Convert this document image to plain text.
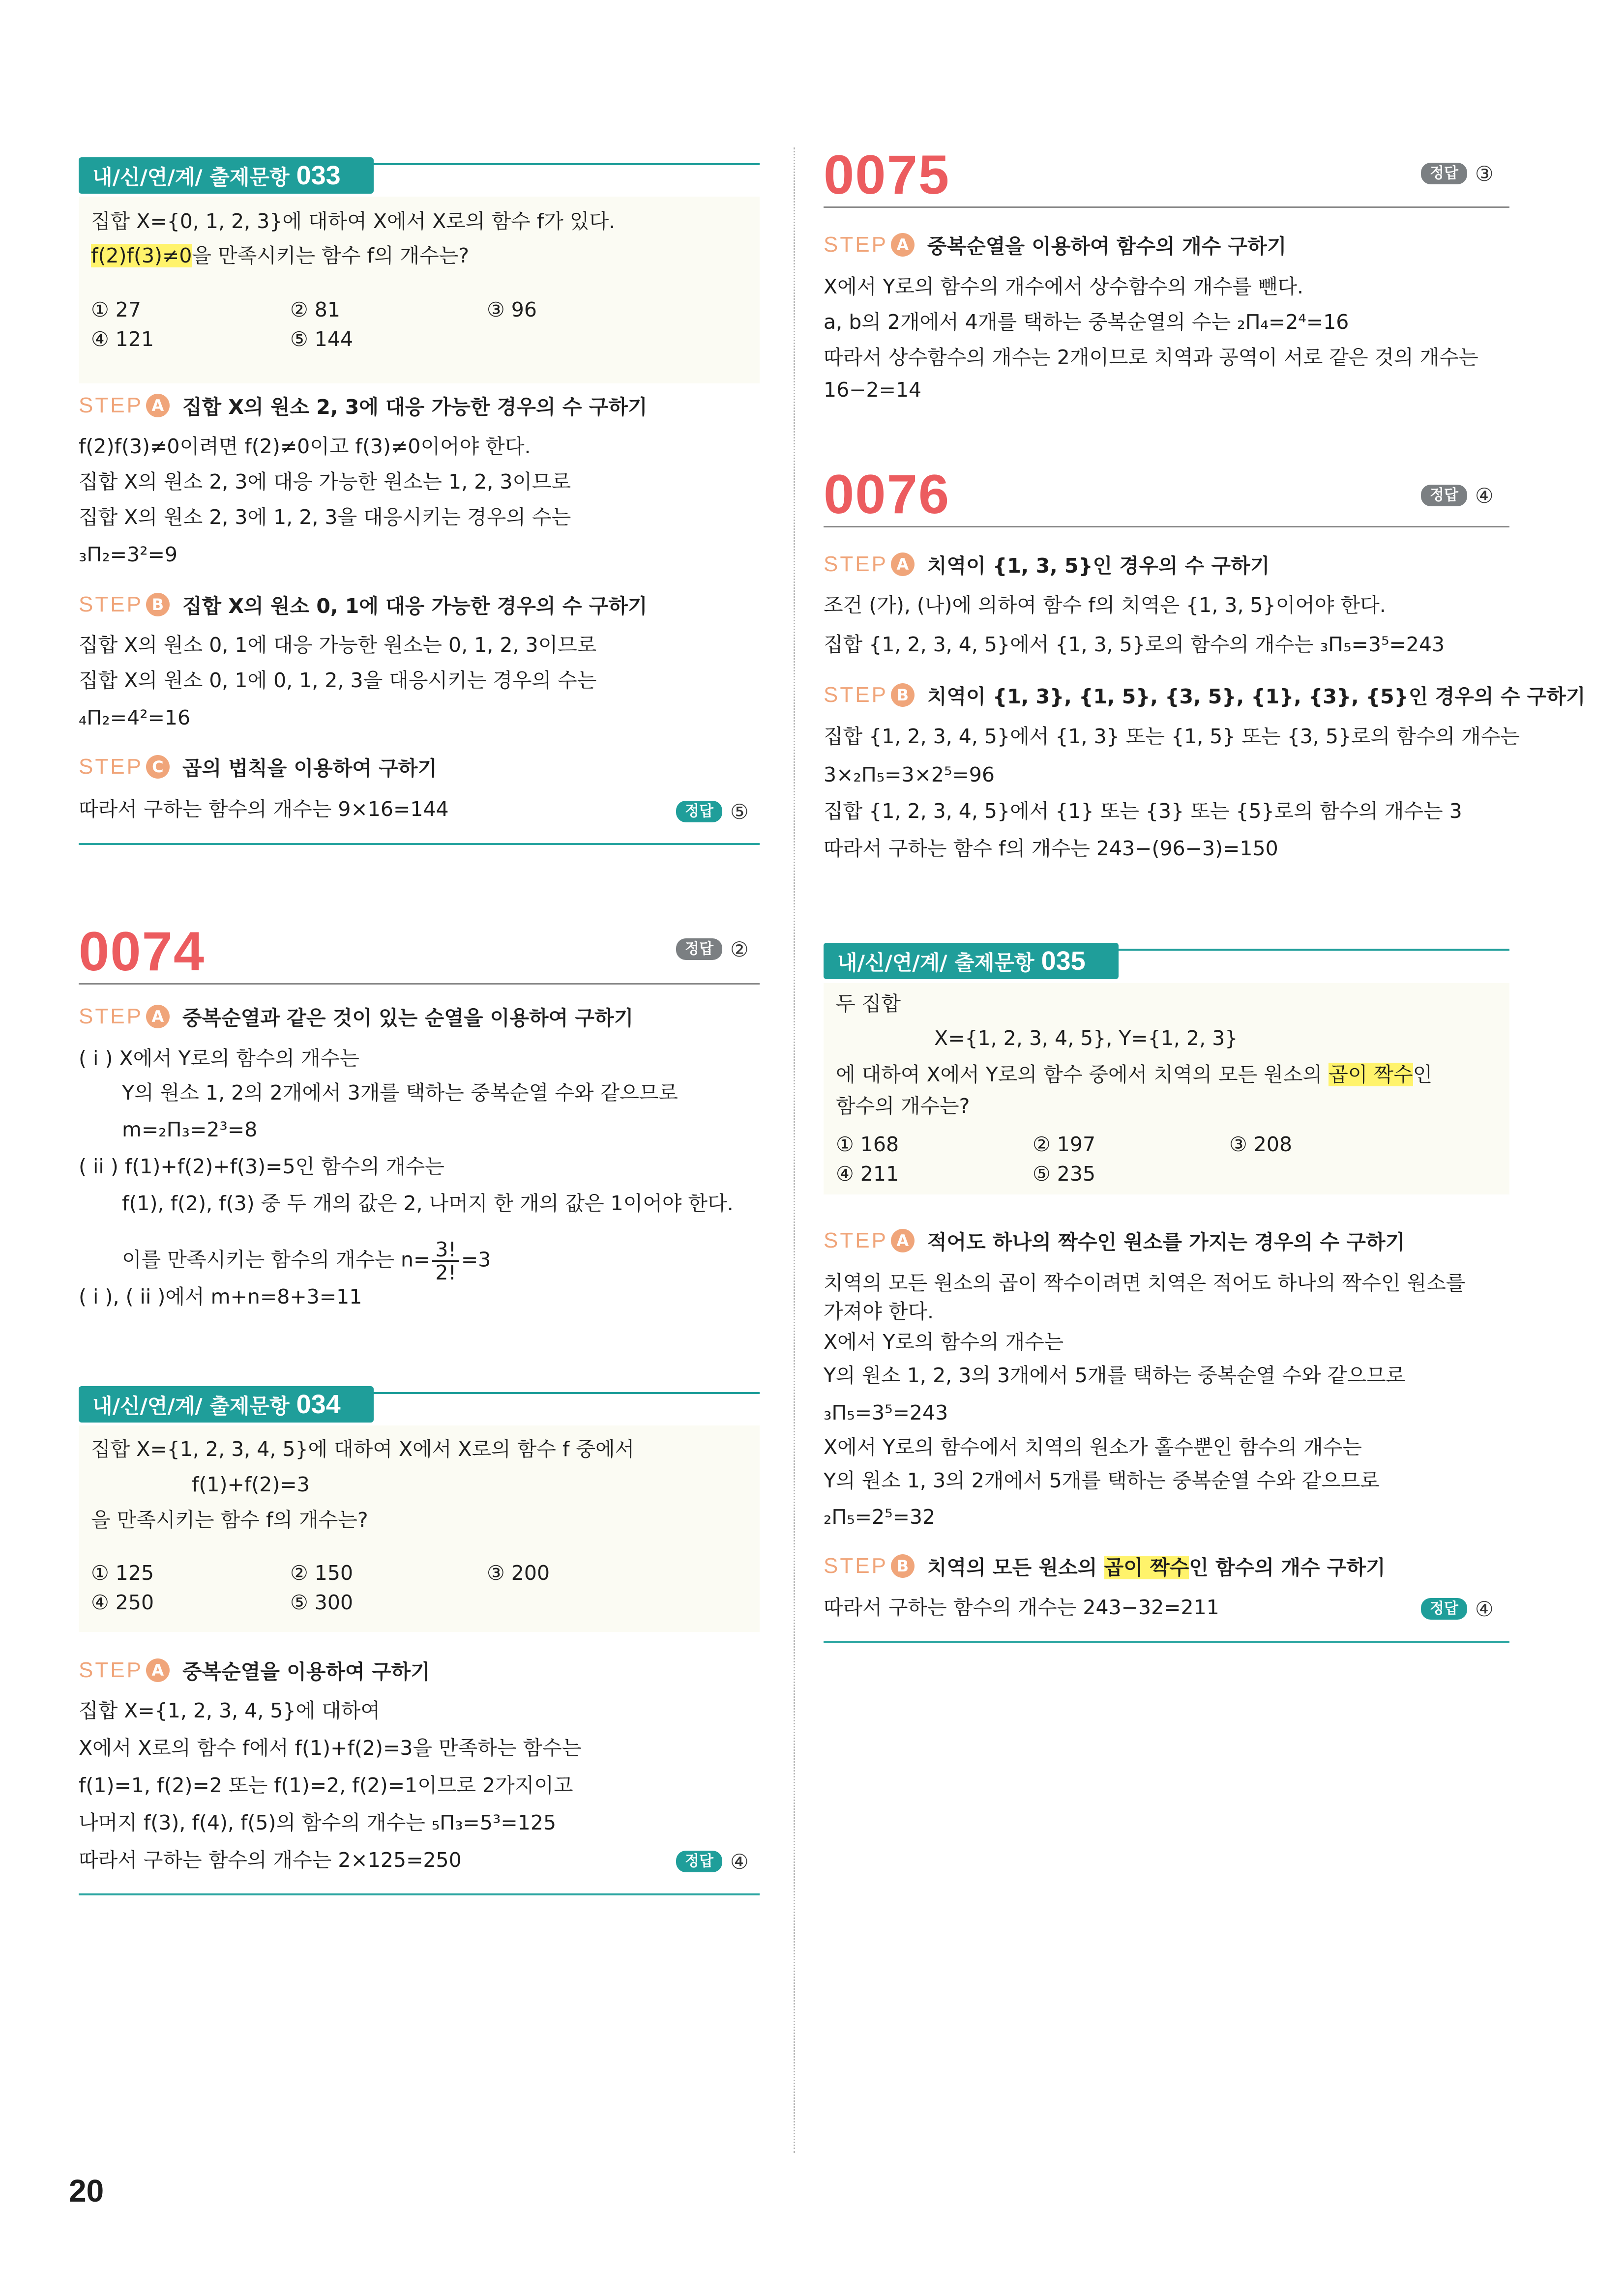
내/신/연/계/ 출제문항 033
집합 X={0, 1, 2, 3}에 대하여 X에서 X로의 함수 f가 있다.
f(2)f(3)≠0을 만족시키는 함수 f의 개수는?
① 27	② 81	③ 96
④ 121	⑤ 144
STEP A 집합 X의 원소 2, 3에 대응 가능한 경우의 수 구하기
f(2)f(3)≠0이려면 f(2)≠0이고 f(3)≠0이어야 한다.
집합 X의 원소 2, 3에 대응 가능한 원소는 1, 2, 3이므로
집합 X의 원소 2, 3에 1, 2, 3을 대응시키는 경우의 수는
₃Π₂=3²=9
STEP B 집합 X의 원소 0, 1에 대응 가능한 경우의 수 구하기
집합 X의 원소 0, 1에 대응 가능한 원소는 0, 1, 2, 3이므로
집합 X의 원소 0, 1에 0, 1, 2, 3을 대응시키는 경우의 수는
₄Π₂=4²=16
STEP C 곱의 법칙을 이용하여 구하기
따라서 구하는 함수의 개수는 9×16=144	정답 ⑤
0074	정답 ②
STEP A 중복순열과 같은 것이 있는 순열을 이용하여 구하기
( i ) X에서 Y로의 함수의 개수는
Y의 원소 1, 2의 2개에서 3개를 택하는 중복순열 수와 같으므로
m=₂Π₃=2³=8
( ii ) f(1)+f(2)+f(3)=5인 함수의 개수는
f(1), f(2), f(3) 중 두 개의 값은 2, 나머지 한 개의 값은 1이어야 한다.
이를 만족시키는 함수의 개수는 $n= \frac{3!}{2!} =3$
( i ), ( ii )에서 m+n=8+3=11
내/신/연/계/ 출제문항 034
집합 X={1, 2, 3, 4, 5}에 대하여 X에서 X로의 함수 f 중에서
f(1)+f(2)=3
을 만족시키는 함수 f의 개수는?
① 125	② 150	③ 200
④ 250	⑤ 300
STEP A 중복순열을 이용하여 구하기
집합 X={1, 2, 3, 4, 5}에 대하여
X에서 X로의 함수 f에서 f(1)+f(2)=3을 만족하는 함수는
f(1)=1, f(2)=2 또는 f(1)=2, f(2)=1이므로 2가지이고
나머지 f(3), f(4), f(5)의 함수의 개수는 ₅Π₃=5³=125
따라서 구하는 함수의 개수는 2×125=250	정답 ④
0075	정답 ③
STEP A 중복순열을 이용하여 함수의 개수 구하기
X에서 Y로의 함수의 개수에서 상수함수의 개수를 뺀다.
a, b의 2개에서 4개를 택하는 중복순열의 수는 ₂Π₄=2⁴=16
따라서 상수함수의 개수는 2개이므로 치역과 공역이 서로 같은 것의 개수는
16−2=14
0076	정답 ④
STEP A 치역이 {1, 3, 5}인 경우의 수 구하기
조건 (가), (나)에 의하여 함수 f의 치역은 {1, 3, 5}이어야 한다.
집합 {1, 2, 3, 4, 5}에서 {1, 3, 5}로의 함수의 개수는 ₃Π₅=3⁵=243
STEP B 치역이 {1, 3}, {1, 5}, {3, 5}, {1}, {3}, {5}인 경우의 수 구하기
집합 {1, 2, 3, 4, 5}에서 {1, 3} 또는 {1, 5} 또는 {3, 5}로의 함수의 개수는
3×₂Π₅=3×2⁵=96
집합 {1, 2, 3, 4, 5}에서 {1} 또는 {3} 또는 {5}로의 함수의 개수는 3
따라서 구하는 함수 f의 개수는 243−(96−3)=150
내/신/연/계/ 출제문항 035
두 집합
X={1, 2, 3, 4, 5}, Y={1, 2, 3}
에 대하여 X에서 Y로의 함수 중에서 치역의 모든 원소의 곱이 짝수인
함수의 개수는?
① 168	② 197	③ 208
④ 211	⑤ 235
STEP A 적어도 하나의 짝수인 원소를 가지는 경우의 수 구하기
치역의 모든 원소의 곱이 짝수이려면 치역은 적어도 하나의 짝수인 원소를
가져야 한다.
X에서 Y로의 함수의 개수는
Y의 원소 1, 2, 3의 3개에서 5개를 택하는 중복순열 수와 같으므로
₃Π₅=3⁵=243
X에서 Y로의 함수에서 치역의 원소가 홀수뿐인 함수의 개수는
Y의 원소 1, 3의 2개에서 5개를 택하는 중복순열 수와 같으므로
₂Π₅=2⁵=32
STEP B 치역의 모든 원소의 곱이 짝수인 함수의 개수 구하기
따라서 구하는 함수의 개수는 243−32=211	정답 ④
20
